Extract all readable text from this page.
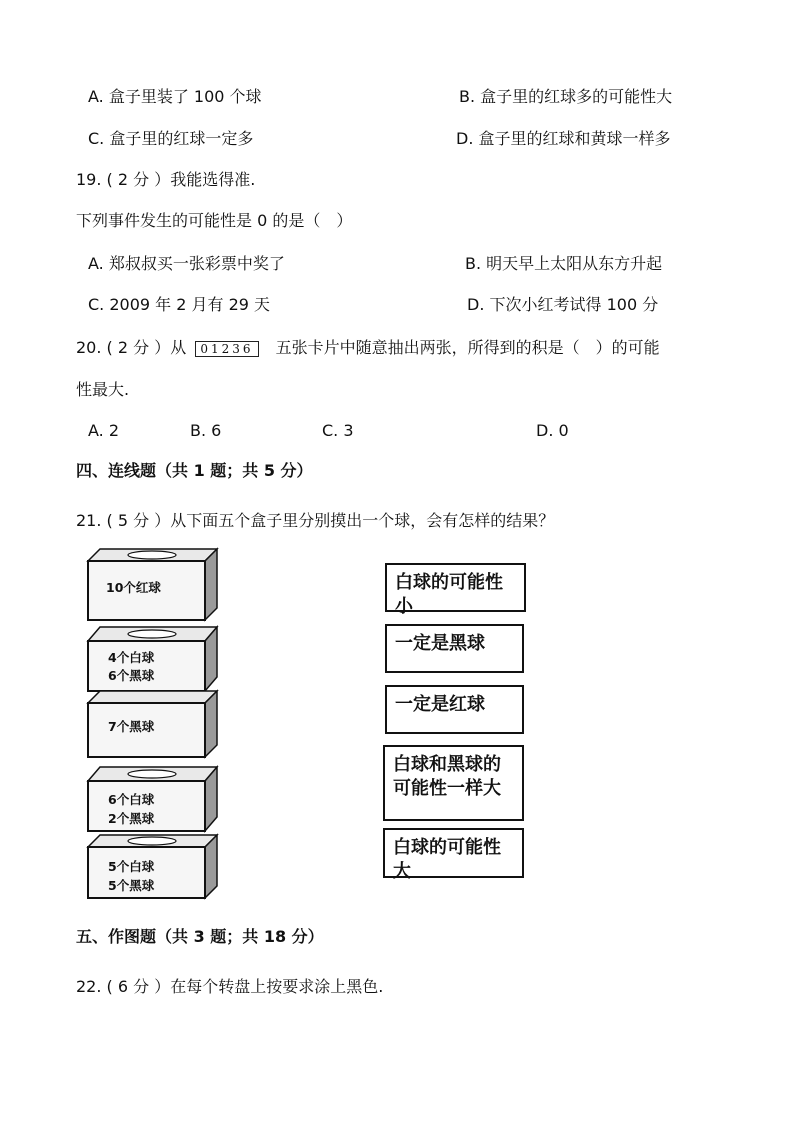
A. 盒子里装了 100 个球	B. 盒子里的红球多的可能性大
C. 盒子里的红球一定多	D. 盒子里的红球和黄球一样多
19. ( 2 分 ）我能选得准.
下列事件发生的可能性是 0 的是（　）
A. 郑叔叔买一张彩票中奖了	B. 明天早上太阳从东方升起
C. 2009 年 2 月有 29 天	D. 下次小红考试得 100 分
20. ( 2 分 ）从 01236 五张卡片中随意抽出两张，所得到的积是（　）的可能
性最大.
A. 2	B. 6	C. 3	D. 0
四、连线题（共 1 题；共 5 分）
21. ( 5 分 ）从下面五个盒子里分别摸出一个球，会有怎样的结果？
10个红球
4个白球
6个黑球
7个黑球
6个白球
2个黑球
5个白球
5个黑球
白球的可能性小
一定是黑球
一定是红球
白球和黑球的可能性一样大
白球的可能性大
五、作图题（共 3 题；共 18 分）
22. ( 6 分 ）在每个转盘上按要求涂上黑色.
